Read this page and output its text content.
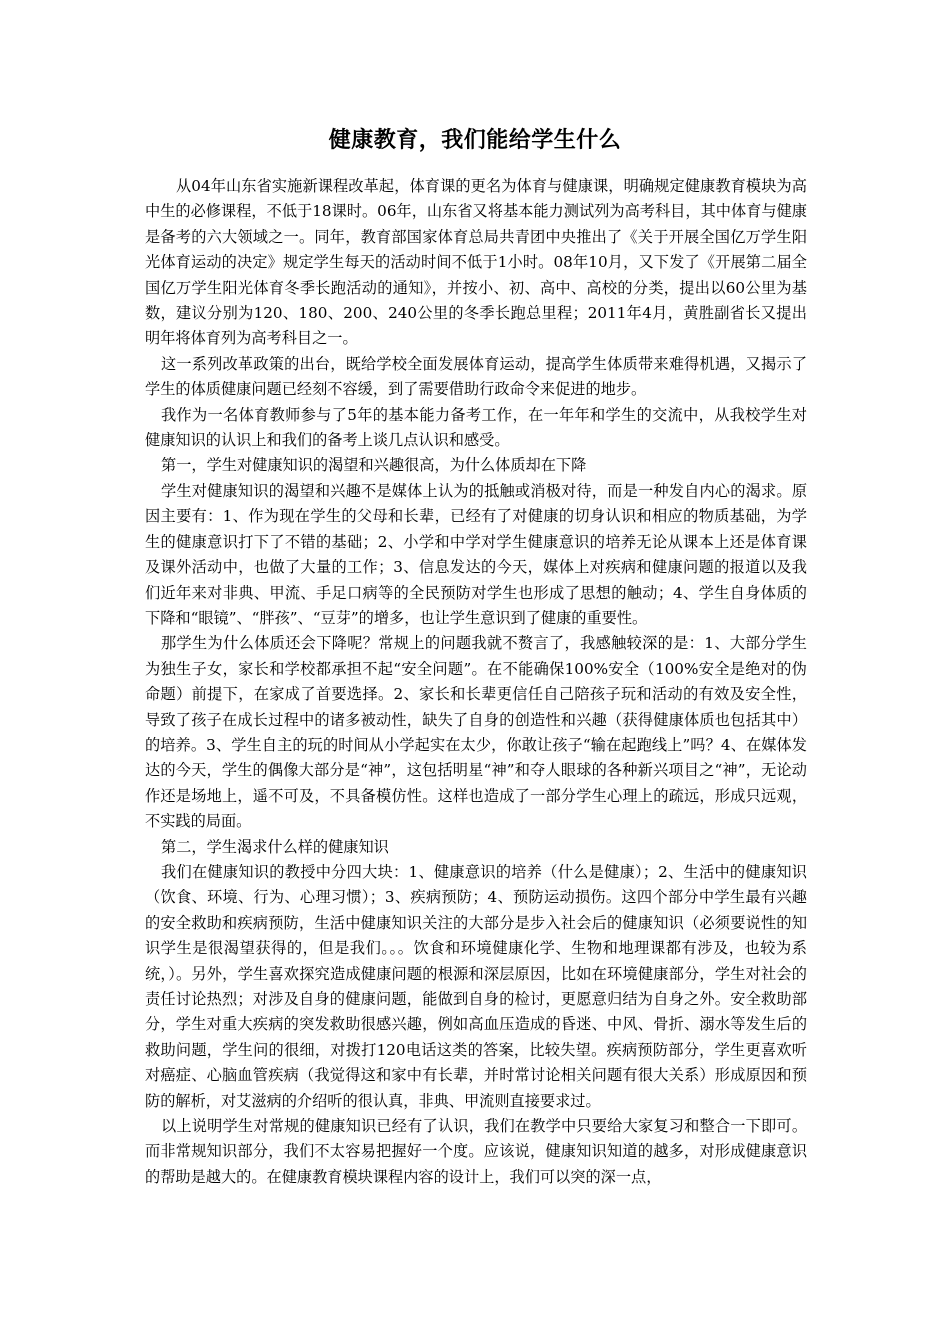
健康教育，我们能给学生什么

从04年山东省实施新课程改革起，体育课的更名为体育与健康课，明确规定健康教育模块为高中生的必修课程，不低于18课时。06年，山东省又将基本能力测试列为高考科目，其中体育与健康是备考的六大领域之一。同年，教育部国家体育总局共青团中央推出了《关于开展全国亿万学生阳光体育运动的决定》规定学生每天的活动时间不低于1小时。08年10月，又下发了《开展第二届全国亿万学生阳光体育冬季长跑活动的通知》，并按小、初、高中、高校的分类，提出以60公里为基数，建议分别为120、180、200、240公里的冬季长跑总里程；2011年4月，黄胜副省长又提出明年将体育列为高考科目之一。

这一系列改革政策的出台，既给学校全面发展体育运动，提高学生体质带来难得机遇，又揭示了学生的体质健康问题已经刻不容缓，到了需要借助行政命令来促进的地步。

我作为一名体育教师参与了5年的基本能力备考工作，在一年年和学生的交流中，从我校学生对健康知识的认识上和我们的备考上谈几点认识和感受。

第一，学生对健康知识的渴望和兴趣很高，为什么体质却在下降

学生对健康知识的渴望和兴趣不是媒体上认为的抵触或消极对待，而是一种发自内心的渴求。原因主要有：1、作为现在学生的父母和长辈，已经有了对健康的切身认识和相应的物质基础，为学生的健康意识打下了不错的基础；2、小学和中学对学生健康意识的培养无论从课本上还是体育课及课外活动中，也做了大量的工作；3、信息发达的今天，媒体上对疾病和健康问题的报道以及我们近年来对非典、甲流、手足口病等的全民预防对学生也形成了思想的触动；4、学生自身体质的下降和“眼镜”、“胖孩”、“豆芽”的增多，也让学生意识到了健康的重要性。

那学生为什么体质还会下降呢？常规上的问题我就不赘言了，我感触较深的是：1、大部分学生为独生子女，家长和学校都承担不起“安全问题”。在不能确保100%安全（100%安全是绝对的伪命题）前提下，在家成了首要选择。2、家长和长辈更信任自己陪孩子玩和活动的有效及安全性，导致了孩子在成长过程中的诸多被动性，缺失了自身的创造性和兴趣（获得健康体质也包括其中）的培养。3、学生自主的玩的时间从小学起实在太少，你敢让孩子“输在起跑线上”吗？4、在媒体发达的今天，学生的偶像大部分是“神”，这包括明星“神”和夺人眼球的各种新兴项目之“神”，无论动作还是场地上，遥不可及，不具备模仿性。这样也造成了一部分学生心理上的疏远，形成只远观，不实践的局面。

第二，学生渴求什么样的健康知识

我们在健康知识的教授中分四大块：1、健康意识的培养（什么是健康）；2、生活中的健康知识（饮食、环境、行为、心理习惯）；3、疾病预防；4、预防运动损伤。这四个部分中学生最有兴趣的安全救助和疾病预防，生活中健康知识关注的大部分是步入社会后的健康知识（必须要说性的知识学生是很渴望获得的，但是我们。。。饮食和环境健康化学、生物和地理课都有涉及，也较为系统，）。另外，学生喜欢探究造成健康问题的根源和深层原因，比如在环境健康部分，学生对社会的责任讨论热烈；对涉及自身的健康问题，能做到自身的检讨，更愿意归结为自身之外。安全救助部分，学生对重大疾病的突发救助很感兴趣，例如高血压造成的昏迷、中风、骨折、溺水等发生后的救助问题，学生问的很细，对拨打120电话这类的答案，比较失望。疾病预防部分，学生更喜欢听对癌症、心脑血管疾病（我觉得这和家中有长辈，并时常讨论相关问题有很大关系）形成原因和预防的解析，对艾滋病的介绍听的很认真，非典、甲流则直接要求过。

以上说明学生对常规的健康知识已经有了认识，我们在教学中只要给大家复习和整合一下即可。而非常规知识部分，我们不太容易把握好一个度。应该说，健康知识知道的越多，对形成健康意识的帮助是越大的。在健康教育模块课程内容的设计上，我们可以突的深一点，
